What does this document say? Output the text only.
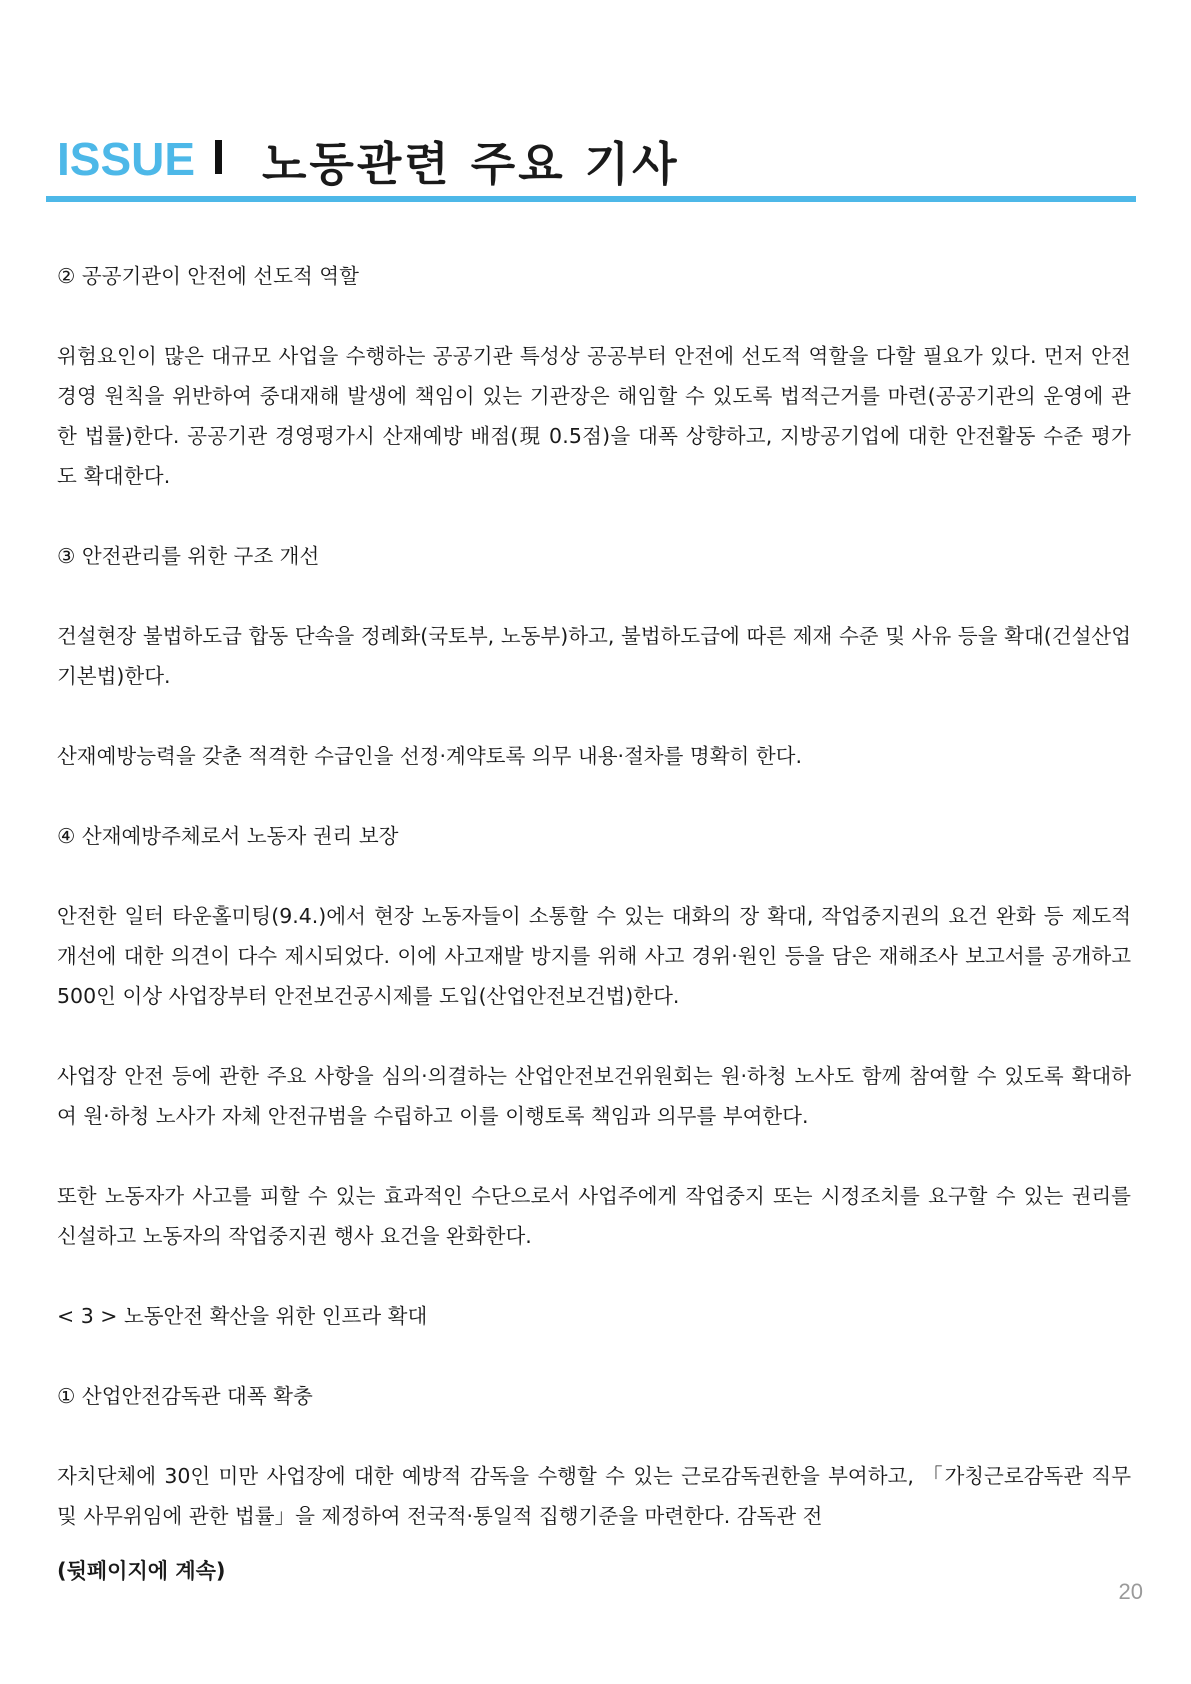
ISSUE 노동관련 주요 기사

② 공공기관이 안전에 선도적 역할

위험요인이 많은 대규모 사업을 수행하는 공공기관 특성상 공공부터 안전에 선도적 역할을 다할 필요가 있다. 먼저 안전경영 원칙을 위반하여 중대재해 발생에 책임이 있는 기관장은 해임할 수 있도록 법적근거를 마련(공공기관의 운영에 관한 법률)한다. 공공기관 경영평가시 산재예방 배점(現 0.5점)을 대폭 상향하고, 지방공기업에 대한 안전활동 수준 평가도 확대한다.

③ 안전관리를 위한 구조 개선

건설현장 불법하도급 합동 단속을 정례화(국토부, 노동부)하고, 불법하도급에 따른 제재 수준 및 사유 등을 확대(건설산업기본법)한다.

산재예방능력을 갖춘 적격한 수급인을 선정·계약토록 의무 내용·절차를 명확히 한다.

④ 산재예방주체로서 노동자 권리 보장

안전한 일터 타운홀미팅(9.4.)에서 현장 노동자들이 소통할 수 있는 대화의 장 확대, 작업중지권의 요건 완화 등 제도적 개선에 대한 의견이 다수 제시되었다. 이에 사고재발 방지를 위해 사고 경위·원인 등을 담은 재해조사 보고서를 공개하고 500인 이상 사업장부터 안전보건공시제를 도입(산업안전보건법)한다.

사업장 안전 등에 관한 주요 사항을 심의·의결하는 산업안전보건위원회는 원·하청 노사도 함께 참여할 수 있도록 확대하여 원·하청 노사가 자체 안전규범을 수립하고 이를 이행토록 책임과 의무를 부여한다.

또한 노동자가 사고를 피할 수 있는 효과적인 수단으로서 사업주에게 작업중지 또는 시정조치를 요구할 수 있는 권리를 신설하고 노동자의 작업중지권 행사 요건을 완화한다.

< 3 > 노동안전 확산을 위한 인프라 확대

① 산업안전감독관 대폭 확충

자치단체에 30인 미만 사업장에 대한 예방적 감독을 수행할 수 있는 근로감독권한을 부여하고, 「가칭근로감독관 직무 및 사무위임에 관한 법률」을 제정하여 전국적·통일적 집행기준을 마련한다. 감독관 전

(뒷페이지에 계속)
20
